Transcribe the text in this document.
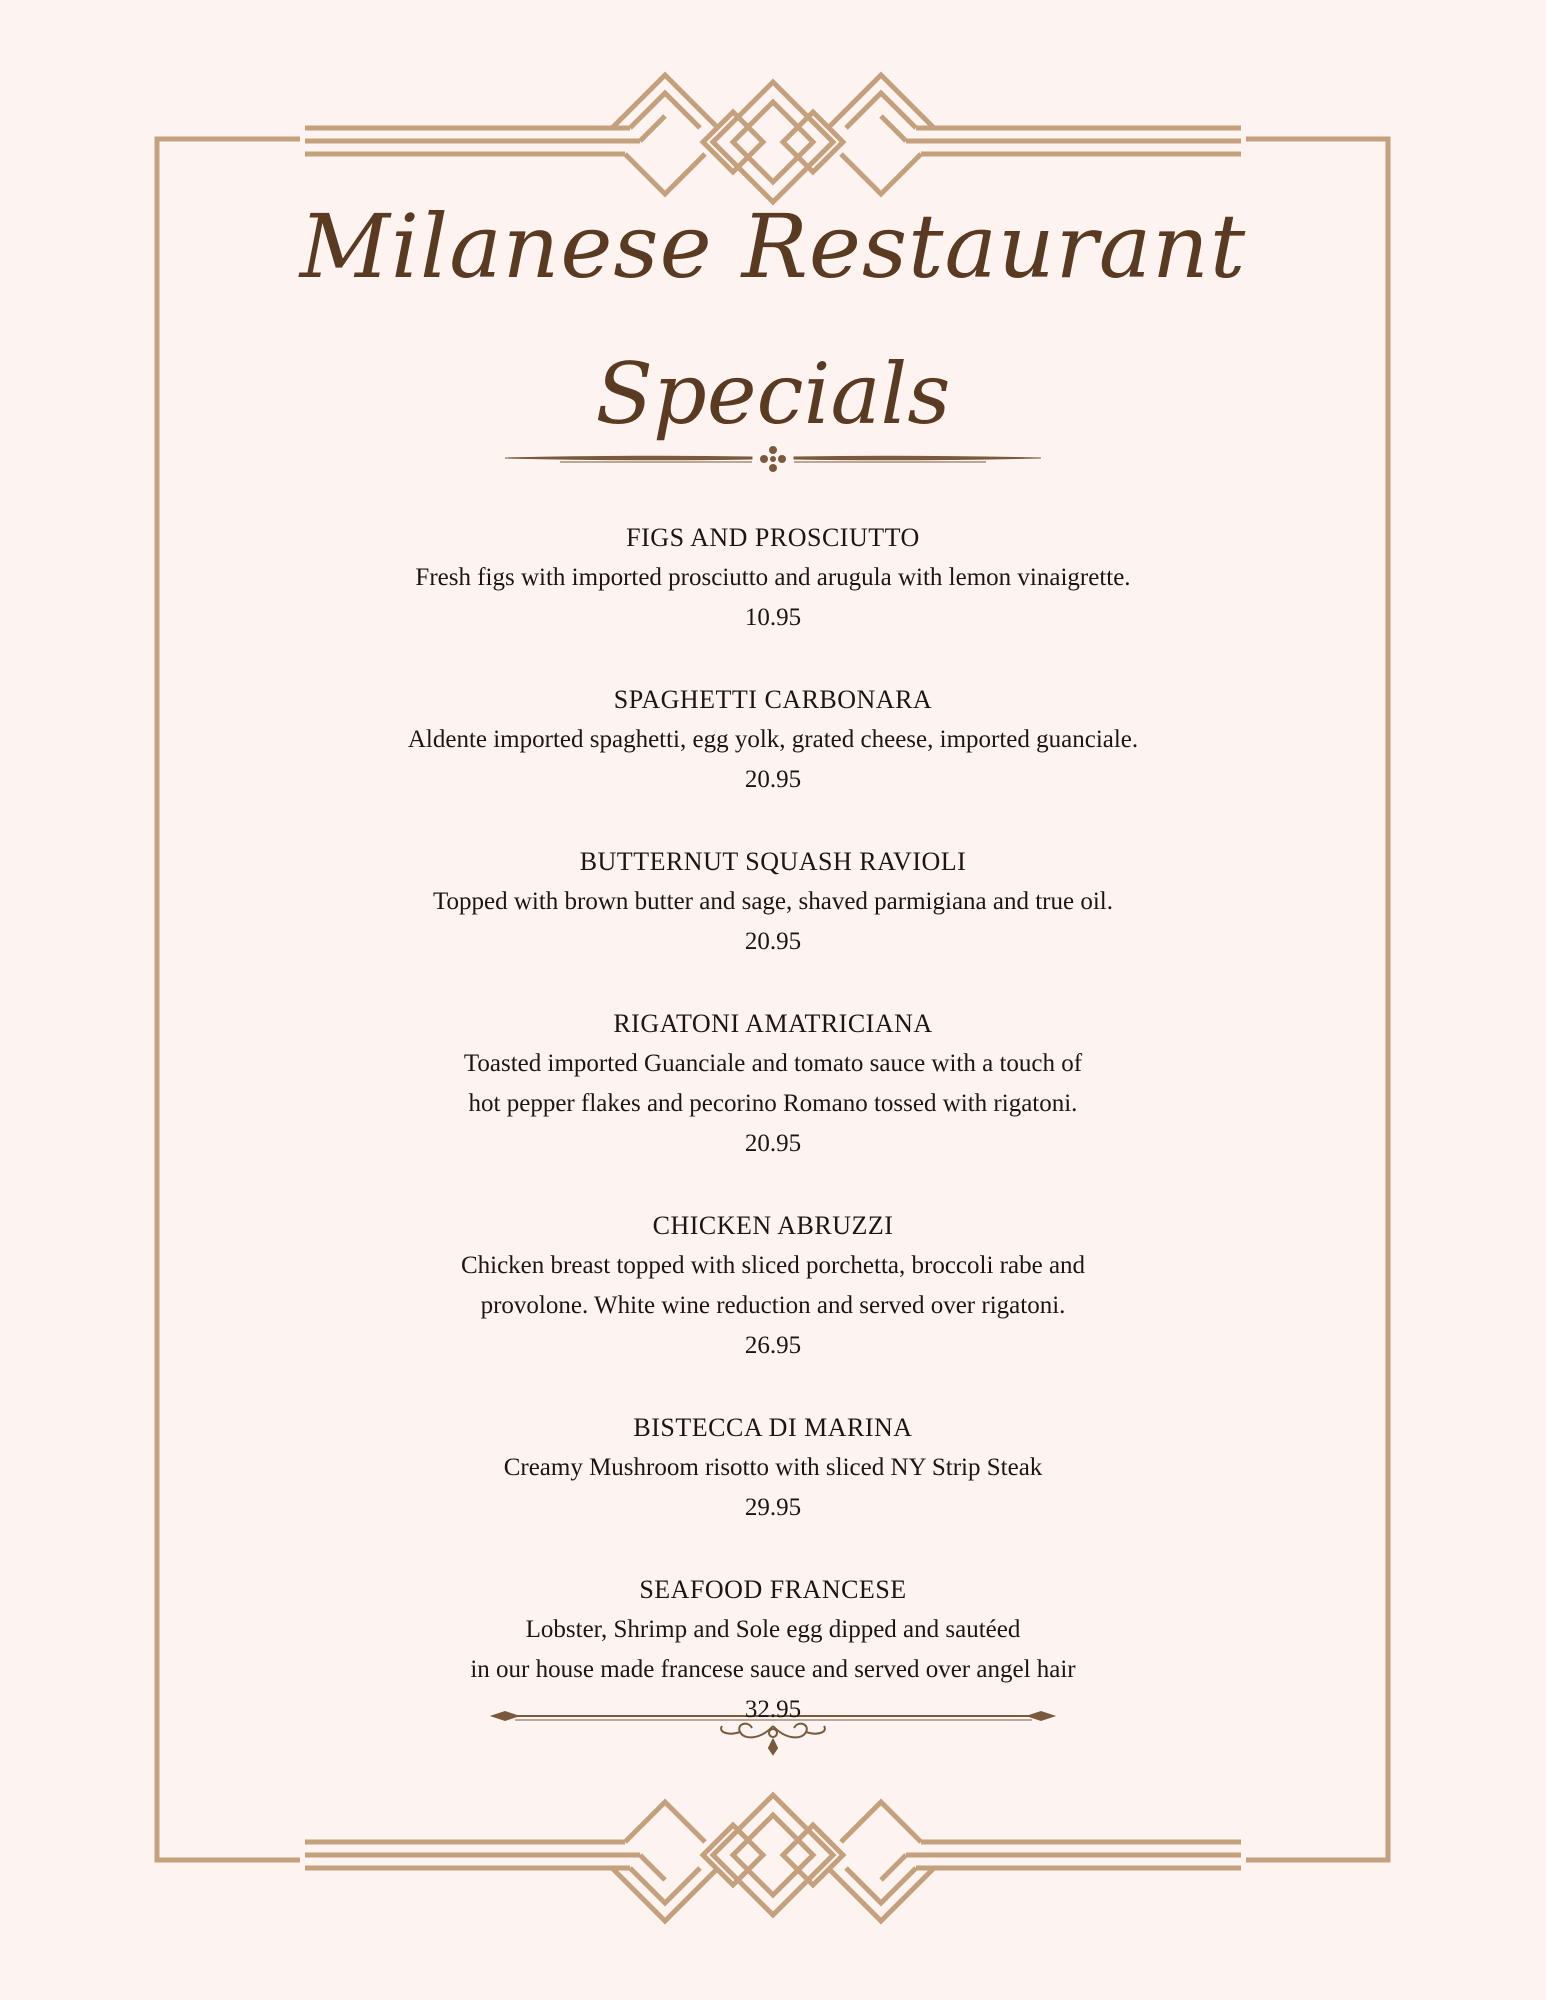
Milanese Restaurant
Specials
FIGS AND PROSCIUTTO
Fresh figs with imported prosciutto and arugula with lemon vinaigrette.
10.95
SPAGHETTI CARBONARA
Aldente imported spaghetti, egg yolk, grated cheese, imported guanciale.
20.95
BUTTERNUT SQUASH RAVIOLI
Topped with brown butter and sage, shaved parmigiana and true oil.
20.95
RIGATONI AMATRICIANA
Toasted imported Guanciale and tomato sauce with a touch of
hot pepper flakes and pecorino Romano tossed with rigatoni.
20.95
CHICKEN ABRUZZI
Chicken breast topped with sliced porchetta, broccoli rabe and
provolone. White wine reduction and served over rigatoni.
26.95
BISTECCA DI MARINA
Creamy Mushroom risotto with sliced NY Strip Steak
29.95
SEAFOOD FRANCESE
Lobster, Shrimp and Sole egg dipped and sautéed
in our house made francese sauce and served over angel hair
32.95
